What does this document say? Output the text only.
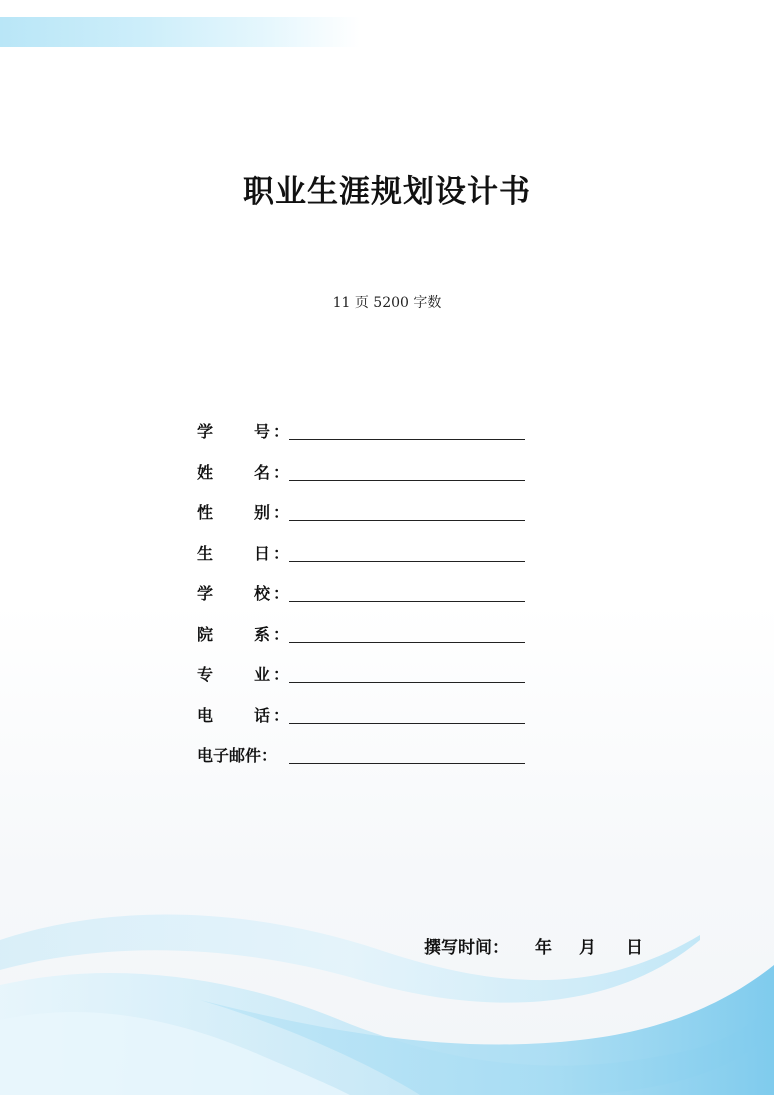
职业生涯规划设计书
11 页 5200 字数
学	号 ：
姓	名 ：
性	别 ：
生	日 ：
学	校 ：
院	系 ：
专	业 ：
电	话 ：
电子邮件：
撰写时间： 年 月 日
